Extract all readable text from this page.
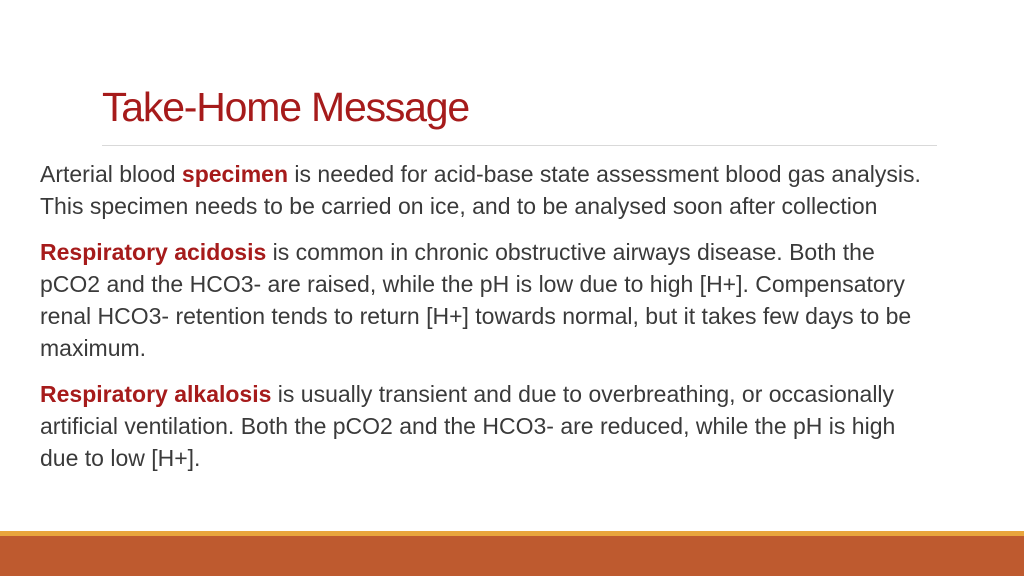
Take-Home Message

Arterial blood specimen is needed for acid-base state assessment blood gas analysis. This specimen needs to be carried on ice, and to be analysed soon after collection

Respiratory acidosis is common in chronic obstructive airways disease. Both the pCO2 and the HCO3- are raised, while the pH is low due to high [H+]. Compensatory renal HCO3- retention tends to return [H+] towards normal, but it takes few days to be maximum.

Respiratory alkalosis is usually transient and due to overbreathing, or occasionally artificial ventilation. Both the pCO2 and the HCO3- are reduced, while the pH is high due to low [H+].
